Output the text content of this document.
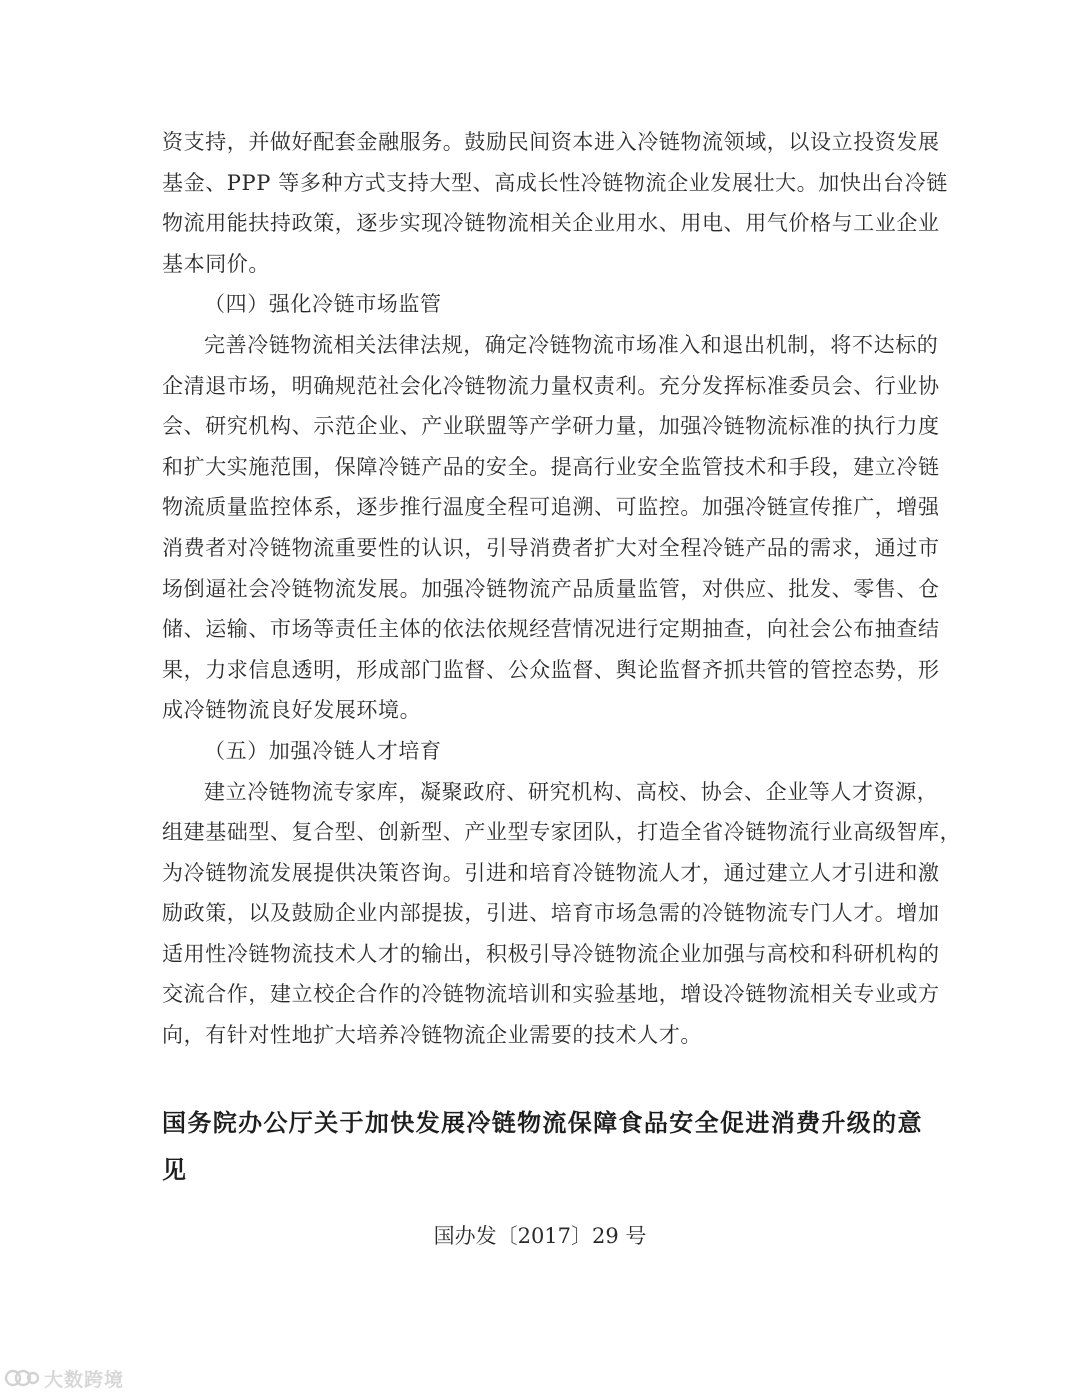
资支持，并做好配套金融服务。鼓励民间资本进入冷链物流领域，以设立投资发展
基金、PPP 等多种方式支持大型、高成长性冷链物流企业发展壮大。加快出台冷链
物流用能扶持政策，逐步实现冷链物流相关企业用水、用电、用气价格与工业企业
基本同价。
（四）强化冷链市场监管
完善冷链物流相关法律法规，确定冷链物流市场准入和退出机制，将不达标的
企清退市场，明确规范社会化冷链物流力量权责利。充分发挥标准委员会、行业协
会、研究机构、示范企业、产业联盟等产学研力量，加强冷链物流标准的执行力度
和扩大实施范围，保障冷链产品的安全。提高行业安全监管技术和手段，建立冷链
物流质量监控体系，逐步推行温度全程可追溯、可监控。加强冷链宣传推广，增强
消费者对冷链物流重要性的认识，引导消费者扩大对全程冷链产品的需求，通过市
场倒逼社会冷链物流发展。加强冷链物流产品质量监管，对供应、批发、零售、仓
储、运输、市场等责任主体的依法依规经营情况进行定期抽查，向社会公布抽查结
果，力求信息透明，形成部门监督、公众监督、舆论监督齐抓共管的管控态势，形
成冷链物流良好发展环境。
（五）加强冷链人才培育
建立冷链物流专家库，凝聚政府、研究机构、高校、协会、企业等人才资源，
组建基础型、复合型、创新型、产业型专家团队，打造全省冷链物流行业高级智库，
为冷链物流发展提供决策咨询。引进和培育冷链物流人才，通过建立人才引进和激
励政策，以及鼓励企业内部提拔，引进、培育市场急需的冷链物流专门人才。增加
适用性冷链物流技术人才的输出，积极引导冷链物流企业加强与高校和科研机构的
交流合作，建立校企合作的冷链物流培训和实验基地，增设冷链物流相关专业或方
向，有针对性地扩大培养冷链物流企业需要的技术人才。
国务院办公厅关于加快发展冷链物流保障食品安全促进消费升级的意
见
国办发〔2017〕29 号
大数跨境
